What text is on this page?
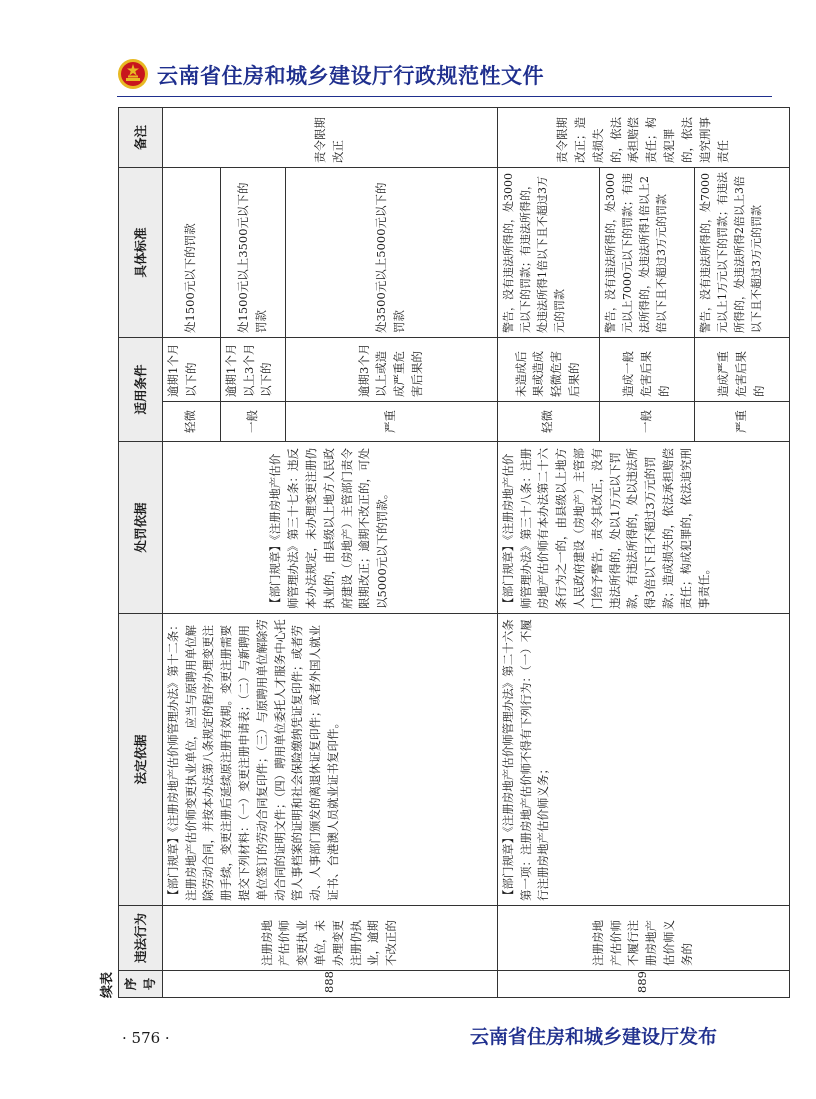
云南省住房和城乡建设厅行政规范性文件
续表 序号	违法行为	法定依据	处罚依据	适用条件		具体标准	备注
888	注册房地产估价师变更执业单位，未办理变更注册仍执业，逾期不改正的	【部门规章】《注册房地产估价师管理办法》第十二条：注册房地产估价师变更执业单位，应当与原聘用单位解除劳动合同，并按本办法第八条规定的程序办理变更注册手续，变更注册后延续原注册有效期。变更注册需要提交下列材料：（一）变更注册申请表；（二）与新聘用单位签订的劳动合同复印件；（三）与原聘用单位解除劳动合同的证明文件；（四）聘用单位委托人才服务中心托管人事档案的证明和社会保险缴纳凭证复印件；或者劳动、人事部门颁发的离退休证复印件；或者外国人就业证书、台港澳人员就业证书复印件。	【部门规章】《注册房地产估价师管理办法》第三十七条：违反本办法规定，未办理变更注册仍执业的，由县级以上地方人民政府建设（房地产）主管部门责令限期改正；逾期不改正的，可处以5000元以下的罚款。	轻微	逾期1个月以下的	处1500元以下的罚款	责令限期改正
				一般	逾期1个月以上3个月以下的	处1500元以上3500元以下的罚款	
				严重	逾期3个月以上或造成严重危害后果的	处3500元以上5000元以下的罚款	
889	注册房地产估价师不履行注册房地产估价师义务的	【部门规章】《注册房地产估价师管理办法》第二十六条第一项：注册房地产估价师不得有下列行为：（一）不履行注册房地产估价师义务；	【部门规章】《注册房地产估价师管理办法》第三十八条：注册房地产估价师有本办法第二十六条行为之一的，由县级以上地方人民政府建设（房地产）主管部门给予警告，责令其改正，没有违法所得的，处以1万元以下罚款，有违法所得的，处以违法所得3倍以下且不超过3万元的罚款；造成损失的，依法承担赔偿责任；构成犯罪的，依法追究刑事责任。	轻微	未造成后果或造成轻微危害后果的	警告，没有违法所得的，处3000元以下的罚款；有违法所得的，处违法所得1倍以下且不超过3万元的罚款	责令限期改正；造成损失的，依法承担赔偿责任；构成犯罪的，依法追究刑事责任
				一般	造成一般危害后果的	警告，没有违法所得的，处3000元以上7000元以下的罚款；有违法所得的，处违法所得1倍以上2倍以下且不超过3万元的罚款	
				严重	造成严重危害后果的	警告，没有违法所得的，处7000元以上1万元以下的罚款；有违法所得的，处违法所得2倍以上3倍以下且不超过3万元的罚款	
· 576 ·	云南省住房和城乡建设厅发布
